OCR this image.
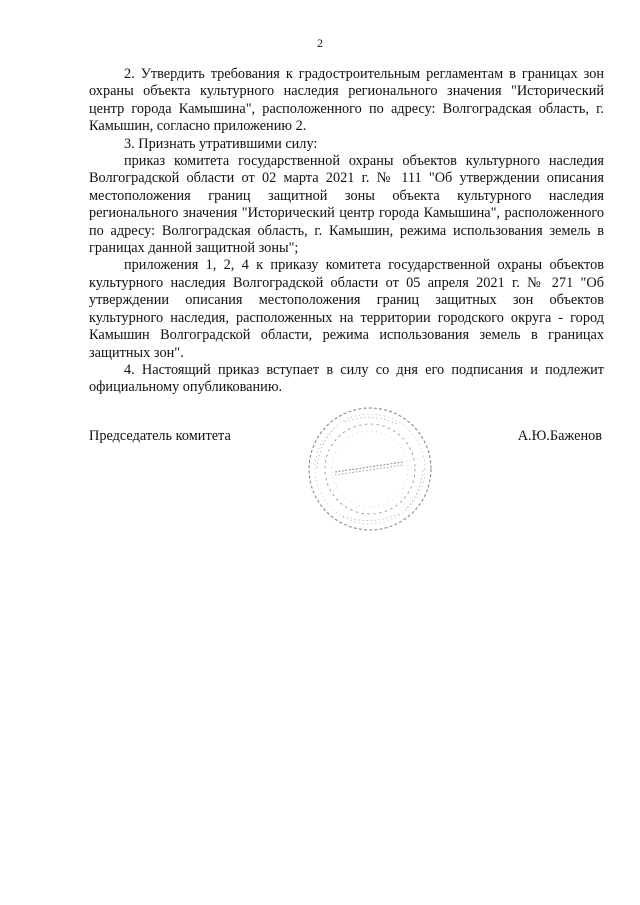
2

2. Утвердить требования к градостроительным регламентам в границах зон охраны объекта культурного наследия регионального значения "Исторический центр города Камышина", расположенного по адресу: Волгоградская область, г. Камышин, согласно приложению 2.

3. Признать утратившими силу:

приказ комитета государственной охраны объектов культурного наследия Волгоградской области от 02 марта 2021 г. № 111 "Об утверждении описания местоположения границ защитной зоны объекта культурного наследия регионального значения "Исторический центр города Камышина", расположенного по адресу: Волгоградская область, г. Камышин, режима использования земель в границах данной защитной зоны";

приложения 1, 2, 4 к приказу комитета государственной охраны объектов культурного наследия Волгоградской области от 05 апреля 2021 г. № 271 "Об утверждении описания местоположения границ защитных зон объектов культурного наследия, расположенных на территории городского округа - город Камышин Волгоградской области, режима использования земель в границах защитных зон".

4. Настоящий приказ вступает в силу со дня его подписания и подлежит официальному опубликованию.

Председатель комитета	А.Ю.Баженов
